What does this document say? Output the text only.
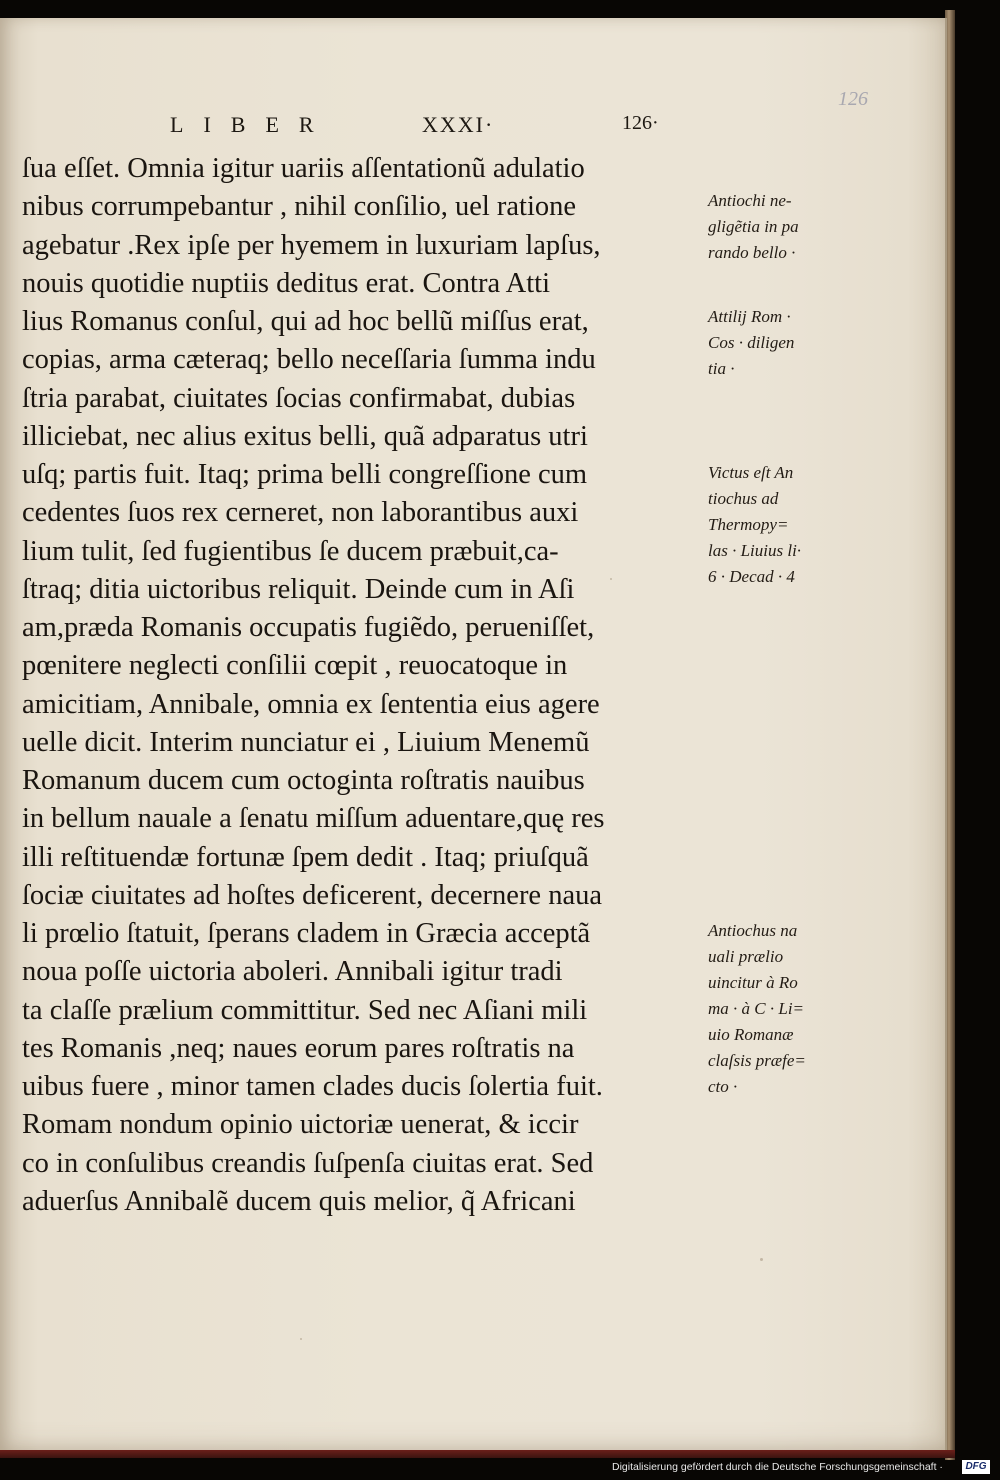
LIBER	XXXI·	126·
126
ſua eſſet. Omnia igitur uariis aſſentationũ adulatio
nibus corrumpebantur , nihil conſilio, uel ratione
agebatur .Rex ipſe per hyemem in luxuriam lapſus,
nouis quotidie nuptiis deditus erat. Contra Atti
lius Romanus conſul, qui ad hoc bellũ miſſus erat,
copias, arma cæteraq; bello neceſſaria ſumma indu
ſtria parabat, ciuitates ſocias confirmabat, dubias
illiciebat, nec alius exitus belli, quã adparatus utri
uſq; partis fuit. Itaq; prima belli congreſſione cum
cedentes ſuos rex cerneret, non laborantibus auxi
lium tulit, ſed fugientibus ſe ducem præbuit,ca-
ſtraq; ditia uictoribus reliquit. Deinde cum in Aſi
am,præda Romanis occupatis fugiẽdo, perueniſſet,
pœnitere neglecti conſilii cœpit , reuocatoque in
amicitiam, Annibale, omnia ex ſententia eius agere
uelle dicit. Interim nunciatur ei , Liuium Menemũ
Romanum ducem cum octoginta roſtratis nauibus
in bellum nauale a ſenatu miſſum aduentare,quę res
illi reſtituendæ fortunæ ſpem dedit . Itaq; priuſquã
ſociæ ciuitates ad hoſtes deficerent, decernere naua
li prœlio ſtatuit, ſperans cladem in Græcia acceptã
noua poſſe uictoria aboleri. Annibali igitur tradi
ta claſſe prælium committitur. Sed nec Aſiani mili
tes Romanis ,neq; naues eorum pares roſtratis na
uibus fuere , minor tamen clades ducis ſolertia fuit.
Romam nondum opinio uictoriæ uenerat, & iccir
co in conſulibus creandis ſuſpenſa ciuitas erat. Sed
aduerſus Annibalẽ ducem quis melior, q̃ Africani
Antiochi ne-
gligẽtia in pa
rando bello ·
Attilij Rom ·
Cos · diligen
tia ·
Victus eſt An
tiochus ad
Thermopy=
las · Liuius li·
6 · Decad · 4
Antiochus na
uali prælio
uincitur à Ro
ma · à C · Li=
uio Romanæ
claſsis præfe=
cto ·
Digitalisierung gefördert durch die Deutsche Forschungsgemeinschaft ·	DFG
